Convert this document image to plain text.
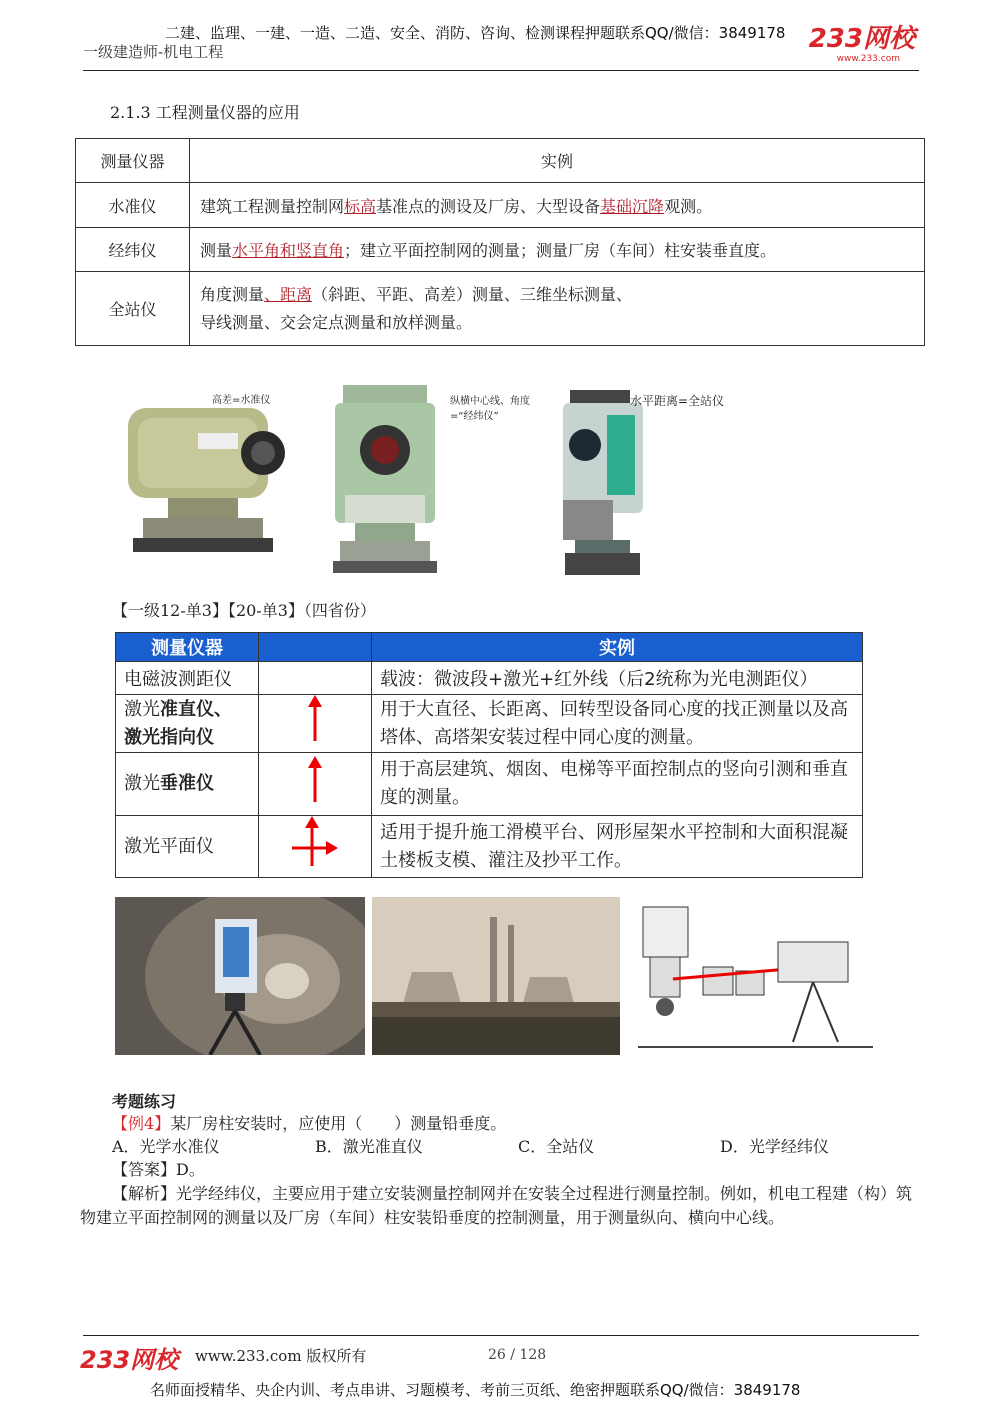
二建、监理、一建、一造、二造、安全、消防、咨询、检测课程押题联系QQ/微信：3849178
一级建造师-机电工程	233网校
www.233.com
2.1.3 工程测量仪器的应用
测量仪器	实例
水准仪	建筑工程测量控制网标高基准点的测设及厂房、大型设备基础沉降观测。
经纬仪	测量水平角和竖直角；建立平面控制网的测量；测量厂房（车间）柱安装垂直度。
全站仪	角度测量、距离（斜距、平距、高差）测量、三维坐标测量、
导线测量、交会定点测量和放样测量。
高差=水准仪	纵横中心线、角度=“经纬仪”
水平距离=全站仪
【一级12-单3】【20-单3】（四省份）
测量仪器		实例
电磁波测距仪		载波：微波段+激光+红外线（后2统称为光电测距仪）
激光准直仪、
激光指向仪		用于大直径、长距离、回转型设备同心度的找正测量以及高塔体、高塔架安装过程中同心度的测量。
激光垂准仪		用于高层建筑、烟囱、电梯等平面控制点的竖向引测和垂直度的测量。
激光平面仪		适用于提升施工滑模平台、网形屋架水平控制和大面积混凝土楼板支模、灌注及抄平工作。
考题练习
【例4】某厂房柱安装时，应使用（　　）测量铅垂度。
A．光学水准仪	B．激光准直仪	C．全站仪	D．光学经纬仪
【答案】D。
【解析】光学经纬仪，主要应用于建立安装测量控制网并在安装全过程进行测量控制。例如，机电工程建（构）筑物建立平面控制网的测量以及厂房（车间）柱安装铅垂度的控制测量，用于测量纵向、横向中心线。
233网校 www.233.com 版权所有	26 / 128
名师面授精华、央企内训、考点串讲、习题模考、考前三页纸、绝密押题联系QQ/微信：3849178
